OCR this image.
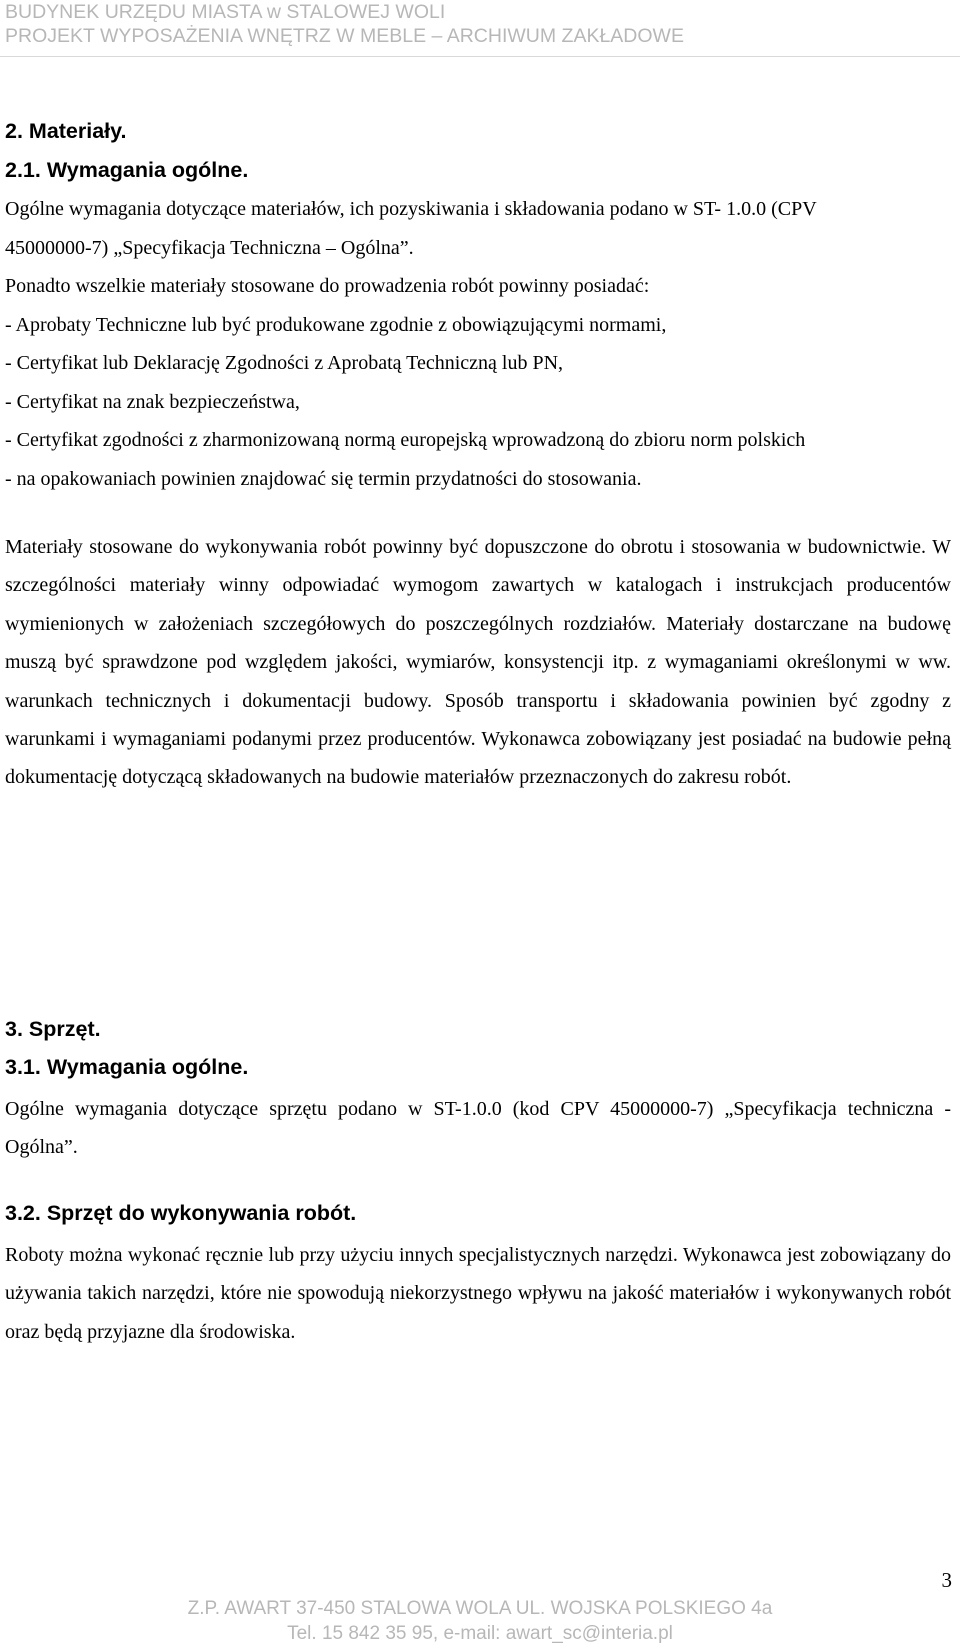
BUDYNEK URZĘDU MIASTA w STALOWEJ WOLI
PROJEKT WYPOSAŻENIA WNĘTRZ W MEBLE – ARCHIWUM ZAKŁADOWE
2. Materiały.
2.1. Wymagania ogólne.
Ogólne wymagania dotyczące materiałów, ich pozyskiwania i składowania podano w ST- 1.0.0 (CPV
45000000-7) „Specyfikacja Techniczna – Ogólna”.
Ponadto wszelkie materiały stosowane do prowadzenia robót powinny posiadać:
- Aprobaty Techniczne lub być produkowane zgodnie z obowiązującymi normami,
- Certyfikat lub Deklarację Zgodności z Aprobatą Techniczną lub PN,
- Certyfikat na znak bezpieczeństwa,
- Certyfikat zgodności z zharmonizowaną normą europejską wprowadzoną do zbioru norm polskich
- na opakowaniach powinien znajdować się termin przydatności do stosowania.
Materiały stosowane do wykonywania robót powinny być dopuszczone do obrotu i stosowania w budownictwie. W szczególności materiały winny odpowiadać wymogom zawartych w katalogach i instrukcjach producentów wymienionych w założeniach szczegółowych do poszczególnych rozdziałów. Materiały dostarczane na budowę muszą być sprawdzone pod względem jakości, wymiarów, konsystencji itp. z wymaganiami określonymi w ww. warunkach technicznych i dokumentacji budowy. Sposób transportu i składowania powinien być zgodny z warunkami i wymaganiami podanymi przez producentów. Wykonawca zobowiązany jest posiadać na budowie pełną dokumentację dotyczącą składowanych na budowie materiałów przeznaczonych do zakresu robót.
3. Sprzęt.
3.1. Wymagania ogólne.
Ogólne wymagania dotyczące sprzętu podano w ST-1.0.0 (kod CPV 45000000-7) „Specyfikacja techniczna - Ogólna”.
3.2. Sprzęt do wykonywania robót.
Roboty można wykonać ręcznie lub przy użyciu innych specjalistycznych narzędzi. Wykonawca jest zobowiązany do używania takich narzędzi, które nie spowodują niekorzystnego wpływu na jakość materiałów i wykonywanych robót oraz będą przyjazne dla środowiska.
3
Z.P. AWART 37-450 STALOWA WOLA UL. WOJSKA POLSKIEGO 4a
Tel. 15 842 35 95, e-mail: awart_sc@interia.pl
